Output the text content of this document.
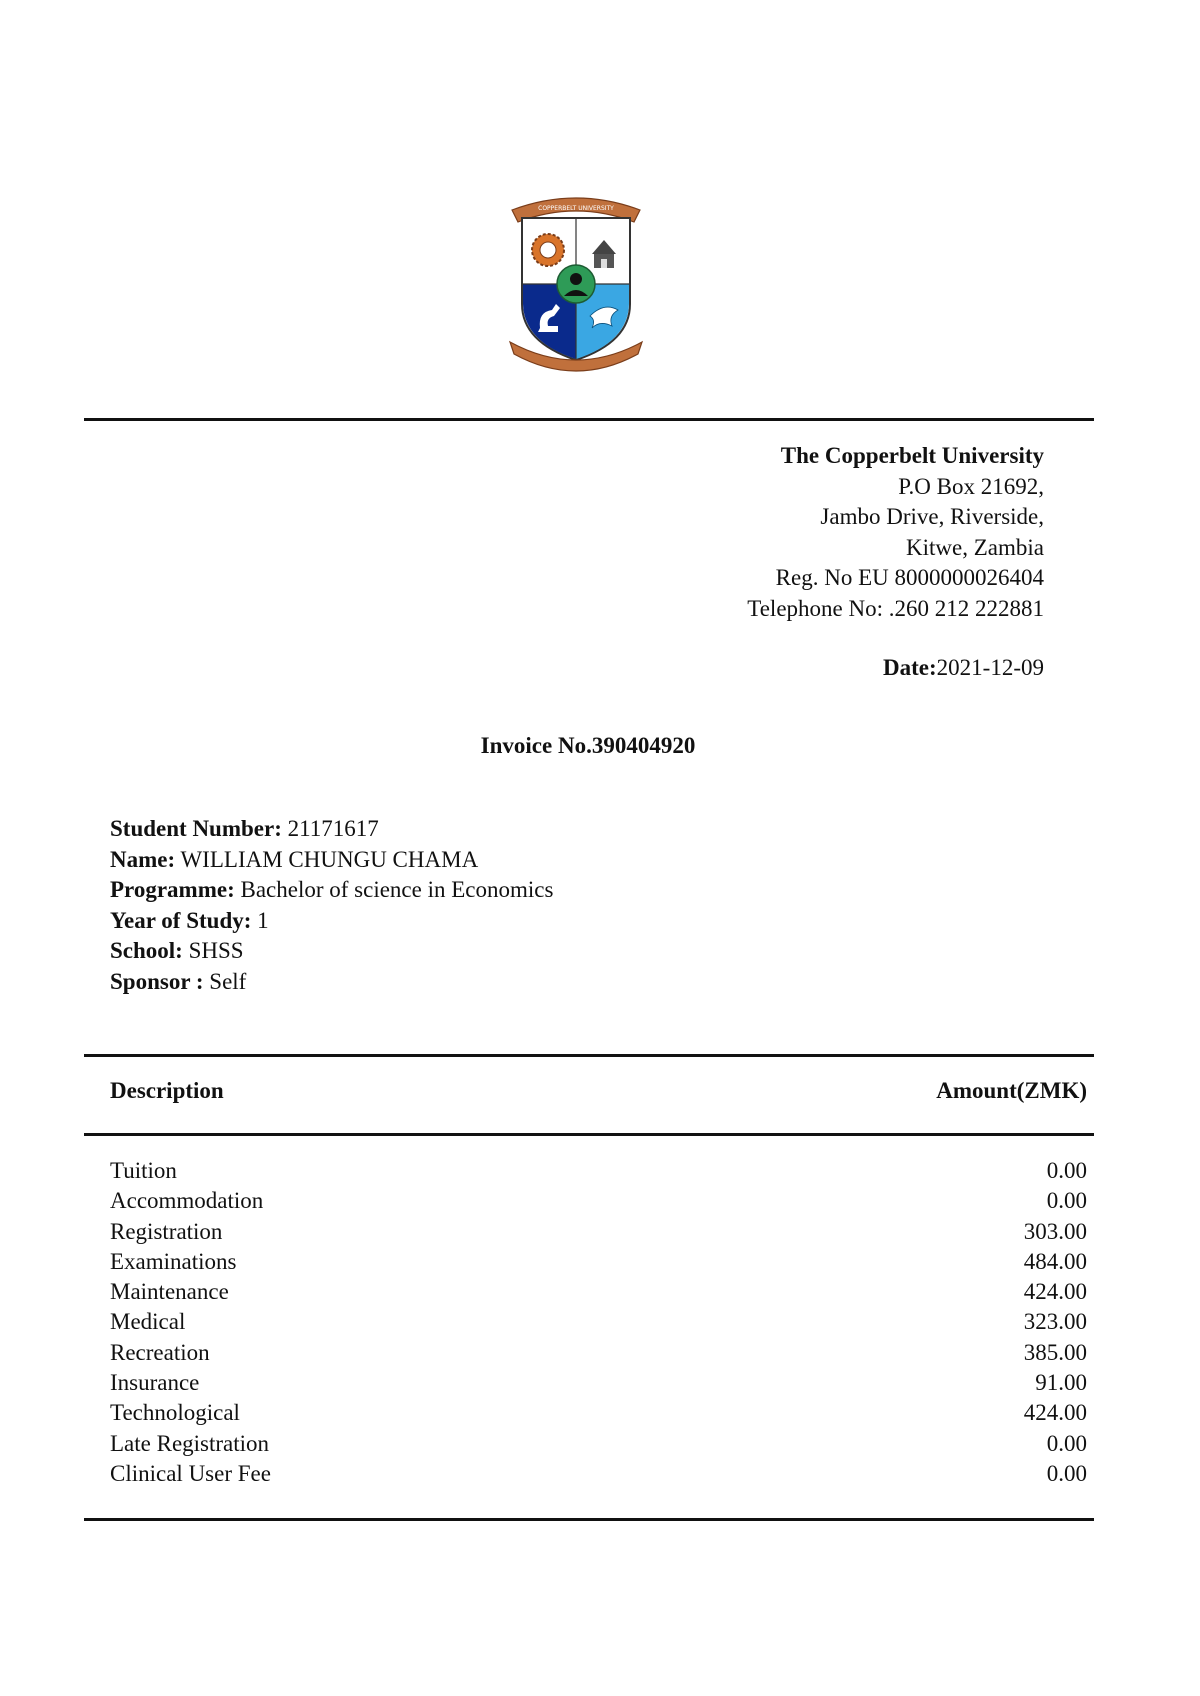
COPPERBELT UNIVERSITY
The Copperbelt University
P.O Box 21692,
Jambo Drive, Riverside,
Kitwe, Zambia
Reg. No EU 8000000026404
Telephone No: .260 212 222881
Date:2021-12-09
Invoice No.390404920
Student Number: 21171617
Name: WILLIAM CHUNGU CHAMA
Programme: Bachelor of science in Economics
Year of Study: 1
School: SHSS
Sponsor : Self
Description	Amount(ZMK)
Tuition	0.00
Accommodation	0.00
Registration	303.00
Examinations	484.00
Maintenance	424.00
Medical	323.00
Recreation	385.00
Insurance	91.00
Technological	424.00
Late Registration	0.00
Clinical User Fee	0.00
